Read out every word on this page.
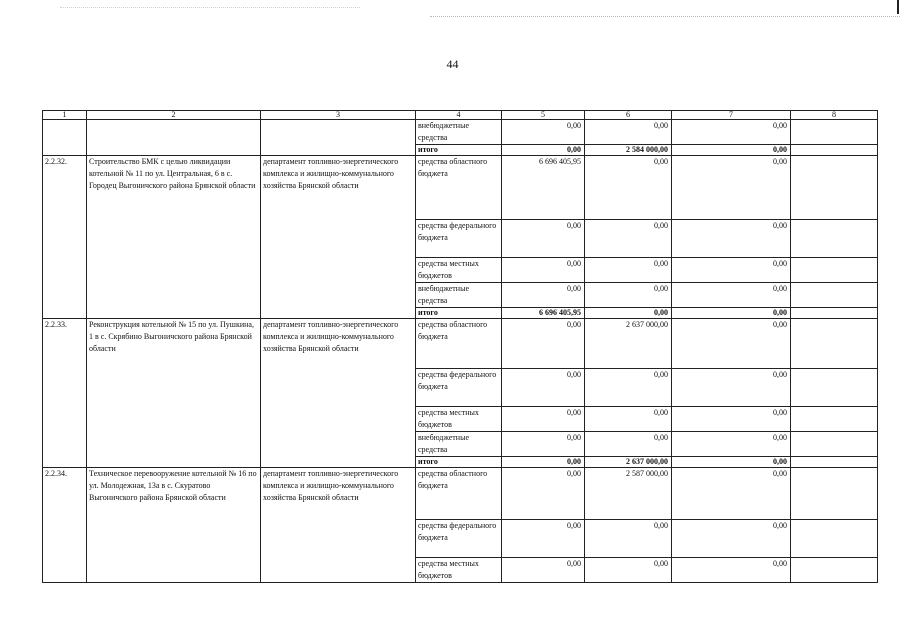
44
1	2	3	4	5	6	7	8
			внебюджетные средства	0,00	0,00	0,00	
			итого	0,00	2 584 000,00	0,00	
2.2.32.	Строительство БМК с целью ликвидации котельной № 11 по ул. Центральная, 6 в с. Городец Выгоничского района Брянской области	департамент топливно-энергетического комплекса и жилищно-коммунального хозяйства Брянской области	средства областного бюджета	6 696 405,95	0,00	0,00	
			средства федерального бюджета	0,00	0,00	0,00	
			средства местных бюджетов	0,00	0,00	0,00	
			внебюджетные средства	0,00	0,00	0,00	
			итого	6 696 405,95	0,00	0,00	
2.2.33.	Реконструкция котельной № 15 по ул. Пушкина, 1 в с. Скрябино Выгоничского района Брянской области	департамент топливно-энергетического комплекса и жилищно-коммунального хозяйства Брянской области	средства областного бюджета	0,00	2 637 000,00	0,00	
			средства федерального бюджета	0,00	0,00	0,00	
			средства местных бюджетов	0,00	0,00	0,00	
			внебюджетные средства	0,00	0,00	0,00	
			итого	0,00	2 637 000,00	0,00	
2.2.34.	Техническое перевооружение котельной № 16 по ул. Молодежная, 13а в с. Скуратово Выгоничского района Брянской области	департамент топливно-энергетического комплекса и жилищно-коммунального хозяйства Брянской области	средства областного бюджета	0,00	2 587 000,00	0,00	
			средства федерального бюджета	0,00	0,00	0,00	
			средства местных бюджетов	0,00	0,00	0,00	
